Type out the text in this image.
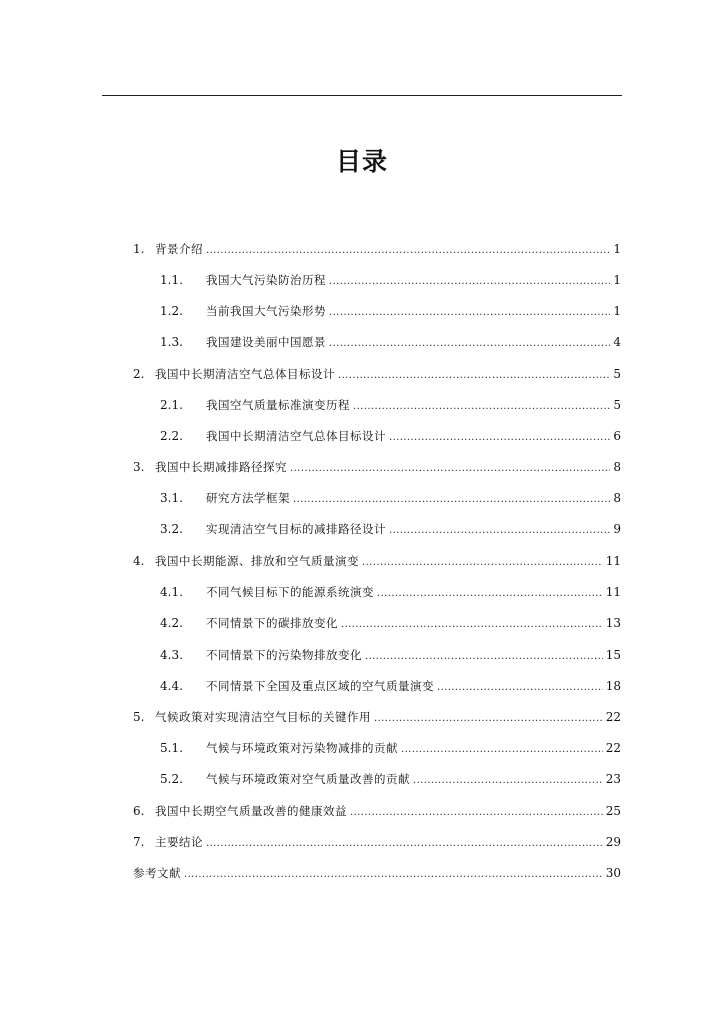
目录
1. 背景介绍 .....	1
1.1.	我国大气污染防治历程 .....	1
1.2.	当前我国大气污染形势 .....	1
1.3.	我国建设美丽中国愿景 .....	4
2. 我国中长期清洁空气总体目标设计 .....	5
2.1.	我国空气质量标准演变历程 .....	5
2.2.	我国中长期清洁空气总体目标设计 .....	6
3. 我国中长期减排路径探究 .....	8
3.1.	研究方法学框架 .....	8
3.2.	实现清洁空气目标的减排路径设计 .....	9
4. 我国中长期能源、排放和空气质量演变 .....	11
4.1.	不同气候目标下的能源系统演变 .....	11
4.2.	不同情景下的碳排放变化 .....	13
4.3.	不同情景下的污染物排放变化 .....	15
4.4.	不同情景下全国及重点区域的空气质量演变 .....	18
5. 气候政策对实现清洁空气目标的关键作用 .....	22
5.1.	气候与环境政策对污染物减排的贡献 .....	22
5.2.	气候与环境政策对空气质量改善的贡献 .....	23
6. 我国中长期空气质量改善的健康效益 .....	25
7. 主要结论 .....	29
参考文献 .....	30
